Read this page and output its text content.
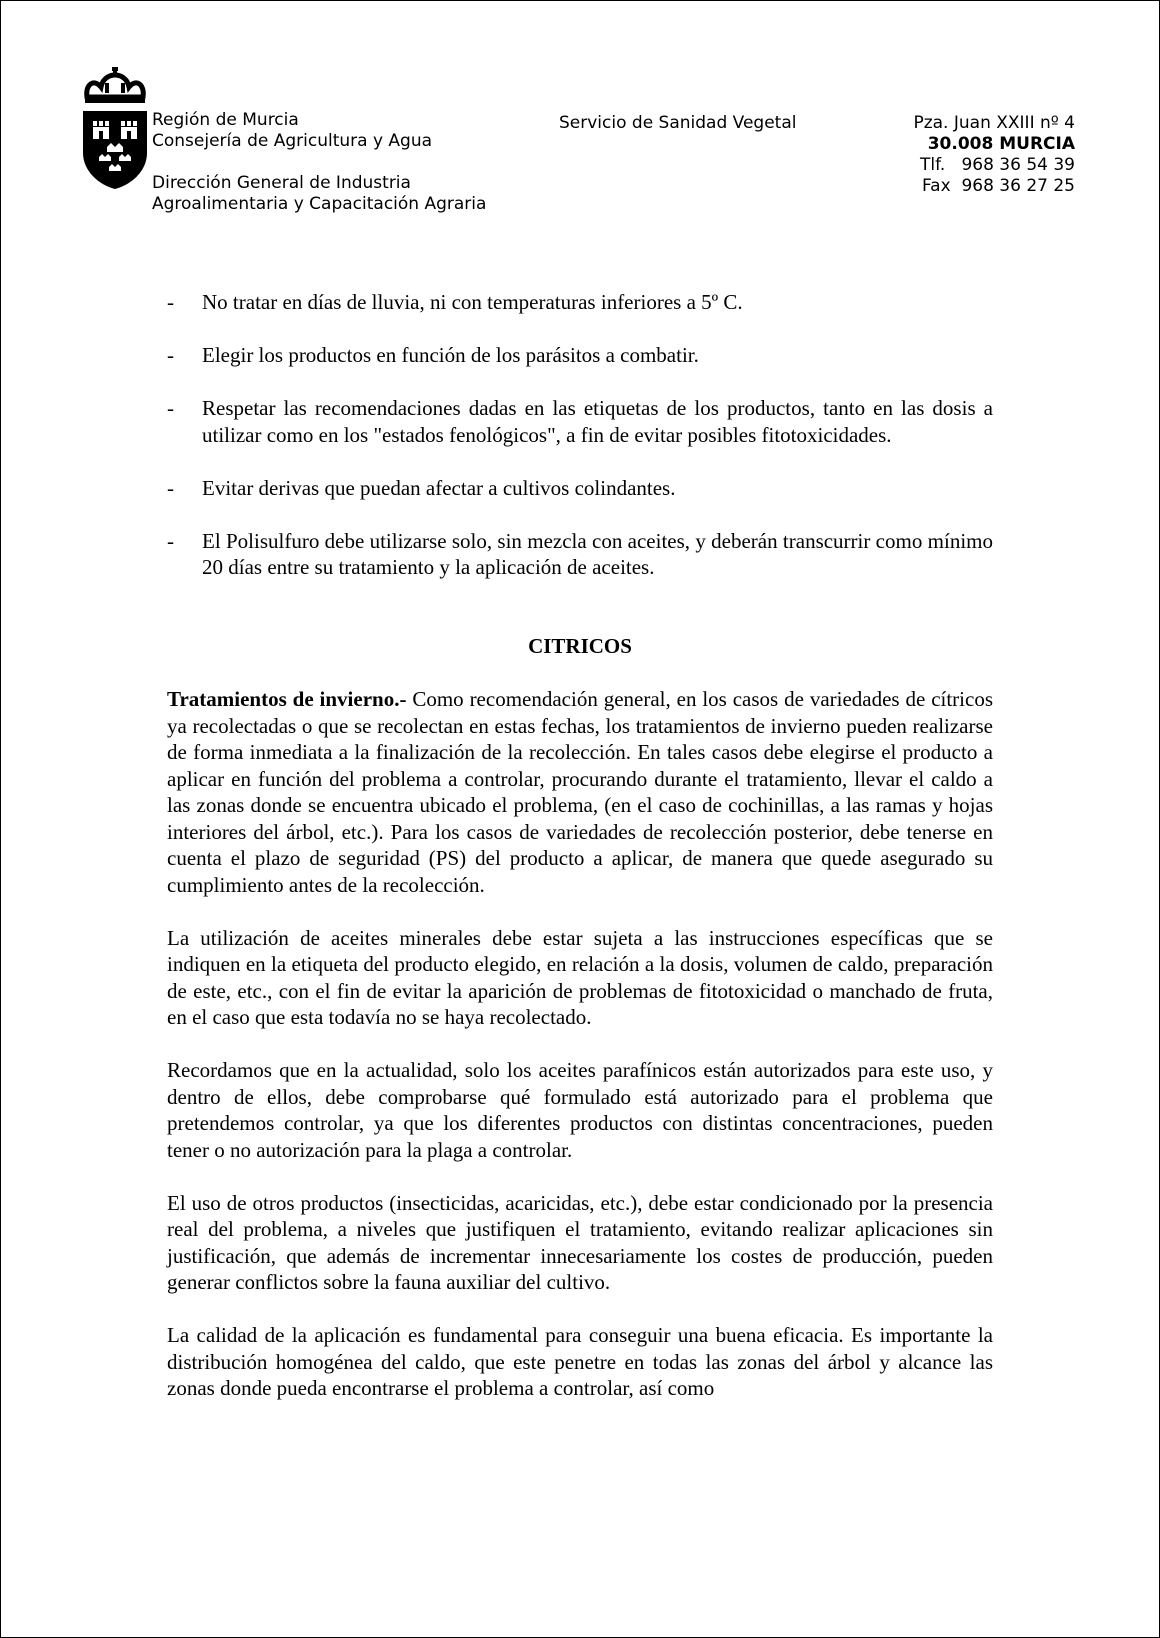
Región de Murcia
Consejería de Agricultura y Agua
Dirección General de Industria
Agroalimentaria y Capacitación Agraria
Servicio de Sanidad Vegetal	Pza. Juan XXIII nº 4
30.008 MURCIA
Tlf.   968 36 54 39
Fax  968 36 27 25
- No tratar en días de lluvia, ni con temperaturas inferiores a 5º C.
- Elegir los productos en función de los parásitos a combatir.
- Respetar las recomendaciones dadas en las etiquetas de los productos, tanto en las dosis a utilizar como en los "estados fenológicos", a fin de evitar posibles fitotoxicidades.
- Evitar derivas que puedan afectar a cultivos colindantes.
- El Polisulfuro debe utilizarse solo, sin mezcla con aceites, y deberán transcurrir como mínimo 20 días entre su tratamiento y la aplicación de aceites.
CITRICOS

Tratamientos de invierno.- Como recomendación general, en los casos de variedades de cítricos ya recolectadas o que se recolectan en estas fechas, los tratamientos de invierno pueden realizarse de forma inmediata a la finalización de la recolección. En tales casos debe elegirse el producto a aplicar en función del problema a controlar, procurando durante el tratamiento, llevar el caldo a las zonas donde se encuentra ubicado el problema, (en el caso de cochinillas, a las ramas y hojas interiores del árbol, etc.). Para los casos de variedades de recolección posterior, debe tenerse en cuenta el plazo de seguridad (PS) del producto a aplicar, de manera que quede asegurado su cumplimiento antes de la recolección.

La utilización de aceites minerales debe estar sujeta a las instrucciones específicas que se indiquen en la etiqueta del producto elegido, en relación a la dosis, volumen de caldo, preparación de este, etc., con el fin de evitar la aparición de problemas de fitotoxicidad o manchado de fruta, en el caso que esta todavía no se haya recolectado.

Recordamos que en la actualidad, solo los aceites parafínicos están autorizados para este uso, y dentro de ellos, debe comprobarse qué formulado está autorizado para el problema que pretendemos controlar, ya que los diferentes productos con distintas concentraciones, pueden tener o no autorización para la plaga a controlar.

El uso de otros productos (insecticidas, acaricidas, etc.), debe estar condicionado por la presencia real del problema, a niveles que justifiquen el tratamiento, evitando realizar aplicaciones sin justificación, que además de incrementar innecesariamente los costes de producción, pueden generar conflictos sobre la fauna auxiliar del cultivo.

La calidad de la aplicación es fundamental para conseguir una buena eficacia. Es importante la distribución homogénea del caldo, que este penetre en todas las zonas del árbol y alcance las zonas donde pueda encontrarse el problema a controlar, así como
